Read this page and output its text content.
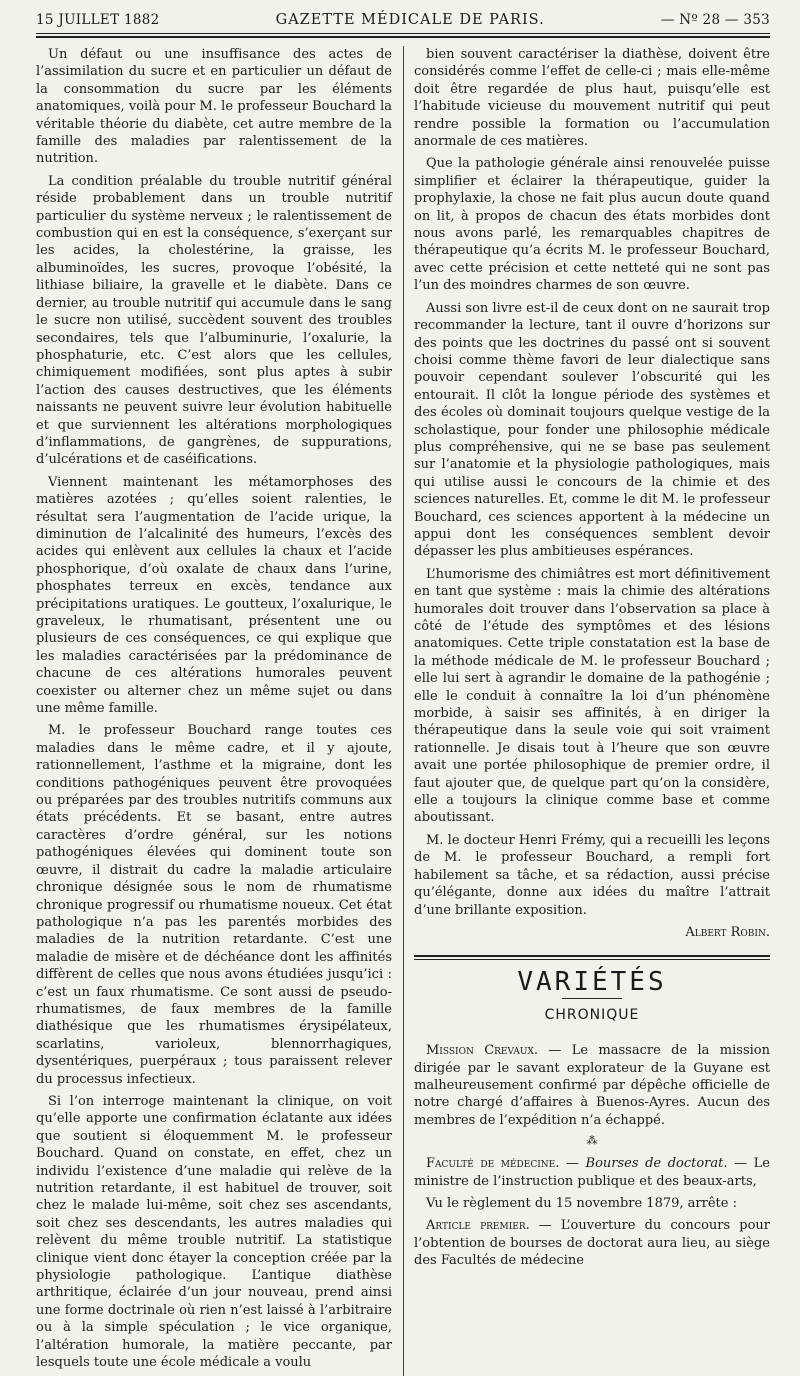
15 JUILLET 1882	GAZETTE MÉDICALE DE PARIS.	— Nº 28 — 353

Un défaut ou une insuffisance des actes de l’assimilation du sucre et en particulier un défaut de la consommation du sucre par les éléments anatomiques, voilà pour M. le professeur Bouchard la véritable théorie du diabète, cet autre membre de la famille des maladies par ralentissement de la nutrition.

La condition préalable du trouble nutritif général réside probablement dans un trouble nutritif particulier du système nerveux ; le ralentissement de combustion qui en est la conséquence, s’exerçant sur les acides, la cholestérine, la graisse, les albuminoïdes, les sucres, provoque l’obésité, la lithiase biliaire, la gravelle et le diabète. Dans ce dernier, au trouble nutritif qui accumule dans le sang le sucre non utilisé, succèdent souvent des troubles secondaires, tels que l’albuminurie, l’oxalurie, la phosphaturie, etc. C’est alors que les cellules, chimiquement modifiées, sont plus aptes à subir l’action des causes destructives, que les éléments naissants ne peuvent suivre leur évolution habituelle et que surviennent les altérations morphologiques d’inflammations, de gangrènes, de suppurations, d’ulcérations et de caséifications.

Viennent maintenant les métamorphoses des matières azotées ; qu’elles soient ralenties, le résultat sera l’augmentation de l’acide urique, la diminution de l’alcalinité des humeurs, l’excès des acides qui enlèvent aux cellules la chaux et l’acide phosphorique, d’où oxalate de chaux dans l’urine, phosphates terreux en excès, tendance aux précipitations uratiques. Le goutteux, l’oxalurique, le graveleux, le rhumatisant, présentent une ou plusieurs de ces conséquences, ce qui explique que les maladies caractérisées par la prédominance de chacune de ces altérations humorales peuvent coexister ou alterner chez un même sujet ou dans une même famille.

M. le professeur Bouchard range toutes ces maladies dans le même cadre, et il y ajoute, rationnellement, l’asthme et la migraine, dont les conditions pathogéniques peuvent être provoquées ou préparées par des troubles nutritifs communs aux états précédents. Et se basant, entre autres caractères d’ordre général, sur les notions pathogéniques élevées qui dominent toute son œuvre, il distrait du cadre la maladie articulaire chronique désignée sous le nom de rhumatisme chronique progressif ou rhumatisme noueux. Cet état pathologique n’a pas les parentés morbides des maladies de la nutrition retardante. C’est une maladie de misère et de déchéance dont les affinités diffèrent de celles que nous avons étudiées jusqu’ici : c’est un faux rhumatisme. Ce sont aussi de pseudo-rhumatismes, de faux membres de la famille diathésique que les rhumatismes érysipélateux, scarlatins, varioleux, blennorrhagiques, dysentériques, puerpéraux ; tous paraissent relever du processus infectieux.

Si l’on interroge maintenant la clinique, on voit qu’elle apporte une confirmation éclatante aux idées que soutient si éloquemment M. le professeur Bouchard. Quand on constate, en effet, chez un individu l’existence d’une maladie qui relève de la nutrition retardante, il est habituel de trouver, soit chez le malade lui-même, soit chez ses ascendants, soit chez ses descendants, les autres maladies qui relèvent du même trouble nutritif. La statistique clinique vient donc étayer la conception créée par la physiologie pathologique. L’antique diathèse arthritique, éclairée d’un jour nouveau, prend ainsi une forme doctrinale où rien n’est laissé à l’arbitraire ou à la simple spéculation ; le vice organique, l’altération humorale, la matière peccante, par lesquels toute une école médicale a voulu

bien souvent caractériser la diathèse, doivent être considérés comme l’effet de celle-ci ; mais elle-même doit être regardée de plus haut, puisqu’elle est l’habitude vicieuse du mouvement nutritif qui peut rendre possible la formation ou l’accumulation anormale de ces matières.

Que la pathologie générale ainsi renouvelée puisse simplifier et éclairer la thérapeutique, guider la prophylaxie, la chose ne fait plus aucun doute quand on lit, à propos de chacun des états morbides dont nous avons parlé, les remarquables chapitres de thérapeutique qu’a écrits M. le professeur Bouchard, avec cette précision et cette netteté qui ne sont pas l’un des moindres charmes de son œuvre.

Aussi son livre est-il de ceux dont on ne saurait trop recommander la lecture, tant il ouvre d’horizons sur des points que les doctrines du passé ont si souvent choisi comme thème favori de leur dialectique sans pouvoir cependant soulever l’obscurité qui les entourait. Il clôt la longue période des systèmes et des écoles où dominait toujours quelque vestige de la scholastique, pour fonder une philosophie médicale plus compréhensive, qui ne se base pas seulement sur l’anatomie et la physiologie pathologiques, mais qui utilise aussi le concours de la chimie et des sciences naturelles. Et, comme le dit M. le professeur Bouchard, ces sciences apportent à la médecine un appui dont les conséquences semblent devoir dépasser les plus ambitieuses espérances.

L’humorisme des chimiâtres est mort définitivement en tant que système : mais la chimie des altérations humorales doit trouver dans l’observation sa place à côté de l’étude des symptômes et des lésions anatomiques. Cette triple constatation est la base de la méthode médicale de M. le professeur Bouchard ; elle lui sert à agrandir le domaine de la pathogénie ; elle le conduit à connaître la loi d’un phénomène morbide, à saisir ses affinités, à en diriger la thérapeutique dans la seule voie qui soit vraiment rationnelle. Je disais tout à l’heure que son œuvre avait une portée philosophique de premier ordre, il faut ajouter que, de quelque part qu’on la considère, elle a toujours la clinique comme base et comme aboutissant.

M. le docteur Henri Frémy, qui a recueilli les leçons de M. le professeur Bouchard, a rempli fort habilement sa tâche, et sa rédaction, aussi précise qu’élégante, donne aux idées du maître l’attrait d’une brillante exposition.

Albert Robin.

VARIÉTÉS
CHRONIQUE

Mission Crevaux. — Le massacre de la mission dirigée par le savant explorateur de la Guyane est malheureusement confirmé par dépêche officielle de notre chargé d’affaires à Buenos-Ayres. Aucun des membres de l’expédition n’a échappé.

⁂

Faculté de médecine. — Bourses de doctorat. — Le ministre de l’instruction publique et des beaux-arts,

Vu le règlement du 15 novembre 1879, arrête :

Article premier. — L’ouverture du concours pour l’obtention de bourses de doctorat aura lieu, au siège des Facultés de médecine
